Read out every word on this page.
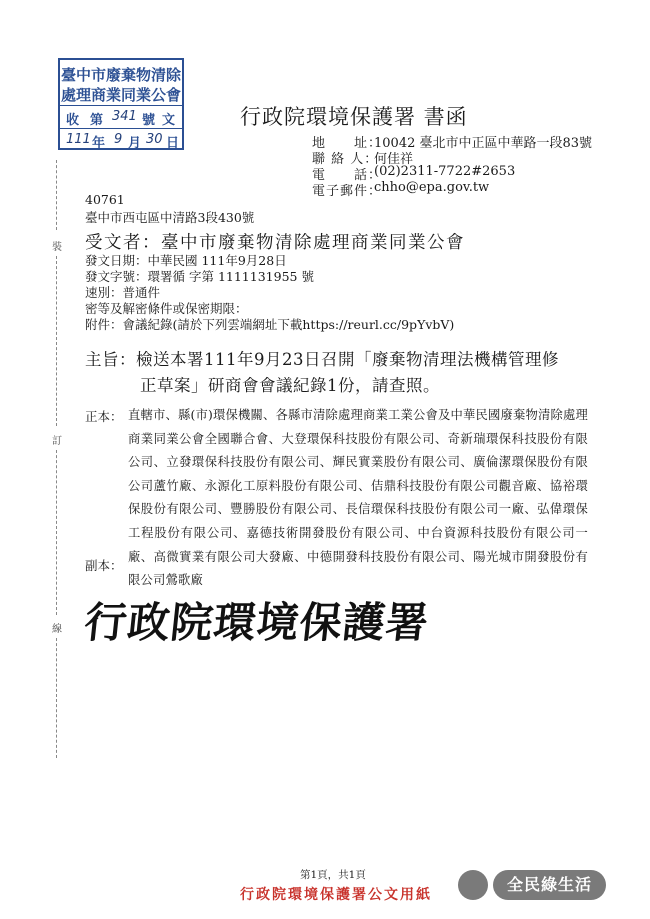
臺中市廢棄物清除
處理商業同業公會
收 第 341 號 文
111 年 9 月 30 日
行政院環境保護署 書函
地　　址：
10042 臺北市中正區中華路一段83號
聯 絡 人：
何佳祥
電　　話：
(02)2311-7722#2653
電子郵件：
chho@epa.gov.tw
40761
臺中市西屯區中清路3段430號
受文者：臺中市廢棄物清除處理商業同業公會
發文日期：中華民國 111年9月28日
發文字號：環署循 字第 1111131955 號
速別：普通件
密等及解密條件或保密期限：
附件：會議紀錄(請於下列雲端網址下載https://reurl.cc/9pYvbV)
主旨：檢送本署111年9月23日召開「廢棄物清理法機構管理修
正草案」研商會會議紀錄1份，請查照。
正本： 直轄市、縣(市)環保機關、各縣市清除處理商業工業公會及中華民國廢棄物清除處理商業同業公會全國聯合會、大登環保科技股份有限公司、奇新瑞環保科技股份有限公司、立發環保科技股份有限公司、輝民實業股份有限公司、廣倫潔環保股份有限公司蘆竹廠、永源化工原料股份有限公司、佶鼎科技股份有限公司觀音廠、協裕環保股份有限公司、豐勝股份有限公司、長信環保科技股份有限公司一廠、弘偉環保工程股份有限公司、嘉德技術開發股份有限公司、中台資源科技股份有限公司一廠、高微實業有限公司大發廠、中德開發科技股份有限公司、陽光城市開發股份有限公司鶯歌廠
副本：
行政院環境保護署
裝
訂
線
第1頁，共1頁
行政院環境保護署公文用紙
全民綠生活
